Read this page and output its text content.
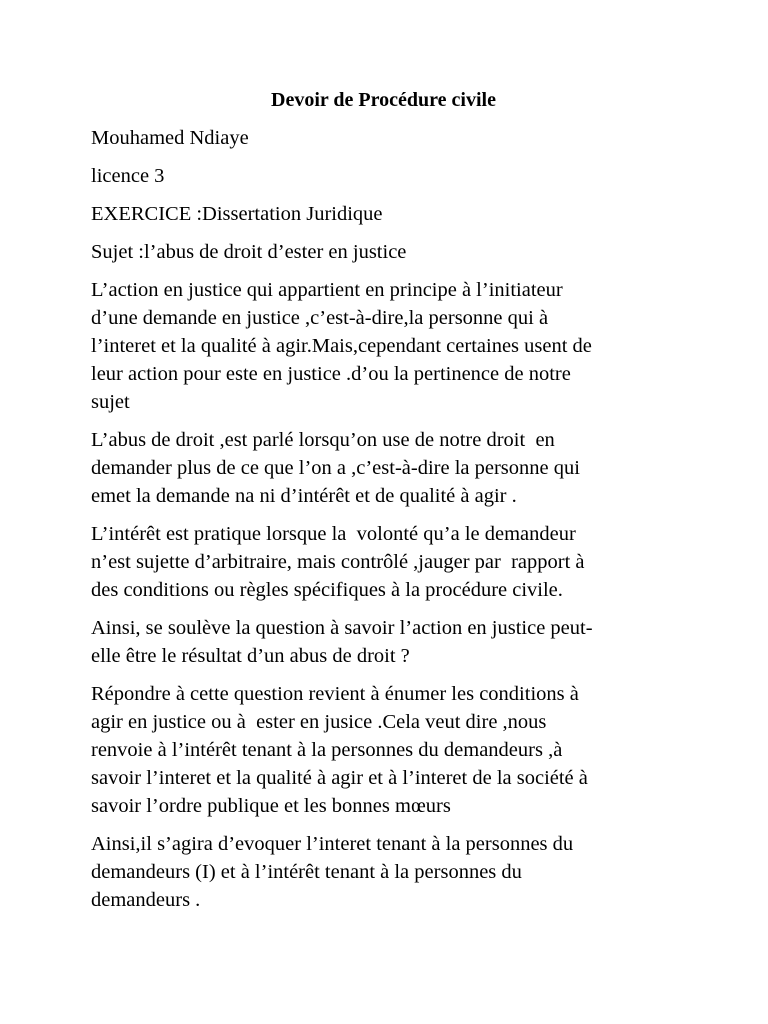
Devoir de Procédure civile
Mouhamed Ndiaye
licence 3
EXERCICE :Dissertation Juridique
Sujet :l’abus de droit d’ester en justice
L’action en justice qui appartient en principe à l’initiateur
d’une demande en justice ,c’est-à-dire,la personne qui à
l’interet et la qualité à agir.Mais,cependant certaines usent de
leur action pour este en justice .d’ou la pertinence de notre
sujet
L’abus de droit ,est parlé lorsqu’on use de notre droit  en
demander plus de ce que l’on a ,c’est-à-dire la personne qui
emet la demande na ni d’intérêt et de qualité à agir .
L’intérêt est pratique lorsque la  volonté qu’a le demandeur
n’est sujette d’arbitraire, mais contrôlé ,jauger par  rapport à
des conditions ou règles spécifiques à la procédure civile.
Ainsi, se soulève la question à savoir l’action en justice peut-
elle être le résultat d’un abus de droit ?
Répondre à cette question revient à énumer les conditions à
agir en justice ou à  ester en jusice .Cela veut dire ,nous
renvoie à l’intérêt tenant à la personnes du demandeurs ,à
savoir l’interet et la qualité à agir et à l’interet de la société à
savoir l’ordre publique et les bonnes mœurs
Ainsi,il s’agira d’evoquer l’interet tenant à la personnes du
demandeurs (I) et à l’intérêt tenant à la personnes du
demandeurs .
